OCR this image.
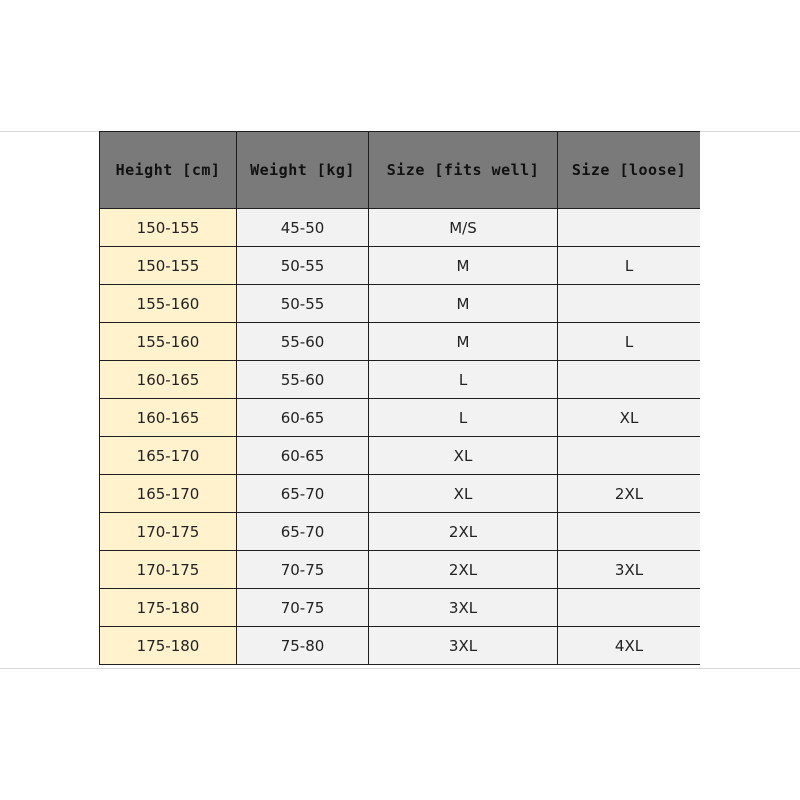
Height [cm]	Weight [kg]	Size [fits well]	Size [loose]
150-155	45-50	M/S	
150-155	50-55	M	L
155-160	50-55	M	
155-160	55-60	M	L
160-165	55-60	L	
160-165	60-65	L	XL
165-170	60-65	XL	
165-170	65-70	XL	2XL
170-175	65-70	2XL	
170-175	70-75	2XL	3XL
175-180	70-75	3XL	
175-180	75-80	3XL	4XL
